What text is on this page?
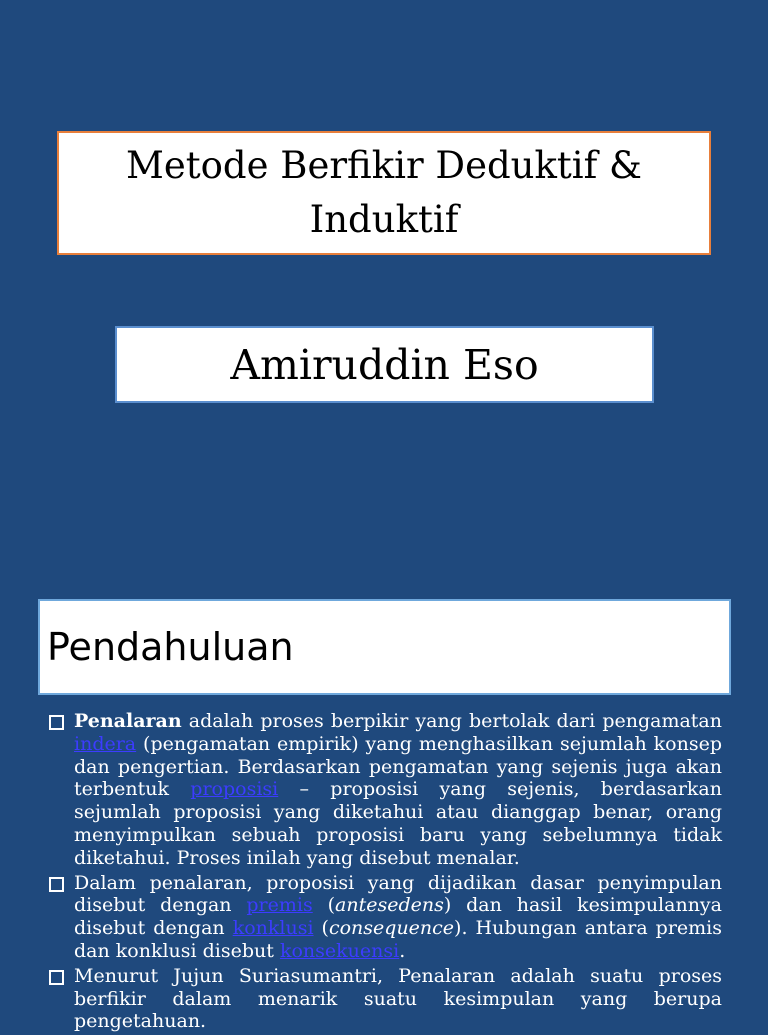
Metode Berfikir Deduktif & Induktif
Amiruddin Eso
Pendahuluan
Penalaran adalah proses berpikir yang bertolak dari pengamatan indera (pengamatan empirik) yang menghasilkan sejumlah konsep dan pengertian. Berdasarkan pengamatan yang sejenis juga akan terbentuk proposisi – proposisi yang sejenis, berdasarkan sejumlah proposisi yang diketahui atau dianggap benar, orang menyimpulkan sebuah proposisi baru yang sebelumnya tidak diketahui. Proses inilah yang disebut menalar.
Dalam penalaran, proposisi yang dijadikan dasar penyimpulan disebut dengan premis (antesedens) dan hasil kesimpulannya disebut dengan konklusi (consequence). Hubungan antara premis dan konklusi disebut konsekuensi.
Menurut Jujun Suriasumantri, Penalaran adalah suatu proses berfikir dalam menarik suatu kesimpulan yang berupa pengetahuan.
